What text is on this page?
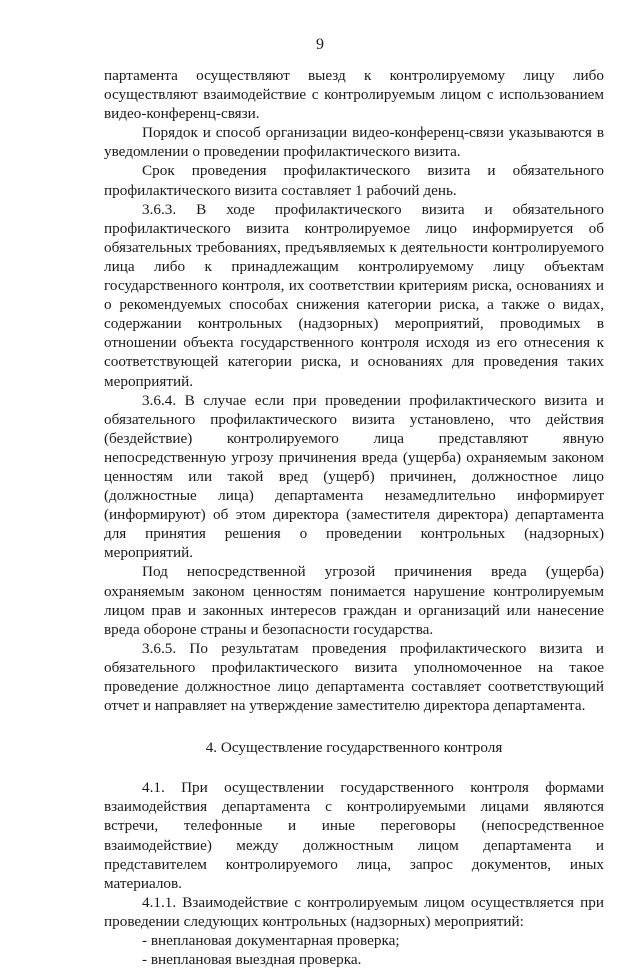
9

партамента осуществляют выезд к контролируемому лицу либо осуществляют взаимодействие с контролируемым лицом с использованием видео-конференц-связи.

Порядок и способ организации видео-конференц-связи указываются в уведомлении о проведении профилактического визита.

Срок проведения профилактического визита и обязательного профилактического визита составляет 1 рабочий день.

3.6.3. В ходе профилактического визита и обязательного профилактического визита контролируемое лицо информируется об обязательных требованиях, предъявляемых к деятельности контролируемого лица либо к принадлежащим контролируемому лицу объектам государственного контроля, их соответствии критериям риска, основаниях и о рекомендуемых способах снижения категории риска, а также о видах, содержании контрольных (надзорных) мероприятий, проводимых в отношении объекта государственного контроля исходя из его отнесения к соответствующей категории риска, и основаниях для проведения таких мероприятий.

3.6.4. В случае если при проведении профилактического визита и обязательного профилактического визита установлено, что действия (бездействие) контролируемого лица представляют явную непосредственную угрозу причинения вреда (ущерба) охраняемым законом ценностям или такой вред (ущерб) причинен, должностное лицо (должностные лица) департамента незамедлительно информирует (информируют) об этом директора (заместителя директора) департамента для принятия решения о проведении контрольных (надзорных) мероприятий.

Под непосредственной угрозой причинения вреда (ущерба) охраняемым законом ценностям понимается нарушение контролируемым лицом прав и законных интересов граждан и организаций или нанесение вреда обороне страны и безопасности государства.

3.6.5. По результатам проведения профилактического визита и обязательного профилактического визита уполномоченное на такое проведение должностное лицо департамента составляет соответствующий отчет и направляет на утверждение заместителю директора департамента.

4. Осуществление государственного контроля

4.1. При осуществлении государственного контроля формами взаимодействия департамента с контролируемыми лицами являются встречи, телефонные и иные переговоры (непосредственное взаимодействие) между должностным лицом департамента и представителем контролируемого лица, запрос документов, иных материалов.

4.1.1. Взаимодействие с контролируемым лицом осуществляется при проведении следующих контрольных (надзорных) мероприятий:

- внеплановая документарная проверка;

- внеплановая выездная проверка.
